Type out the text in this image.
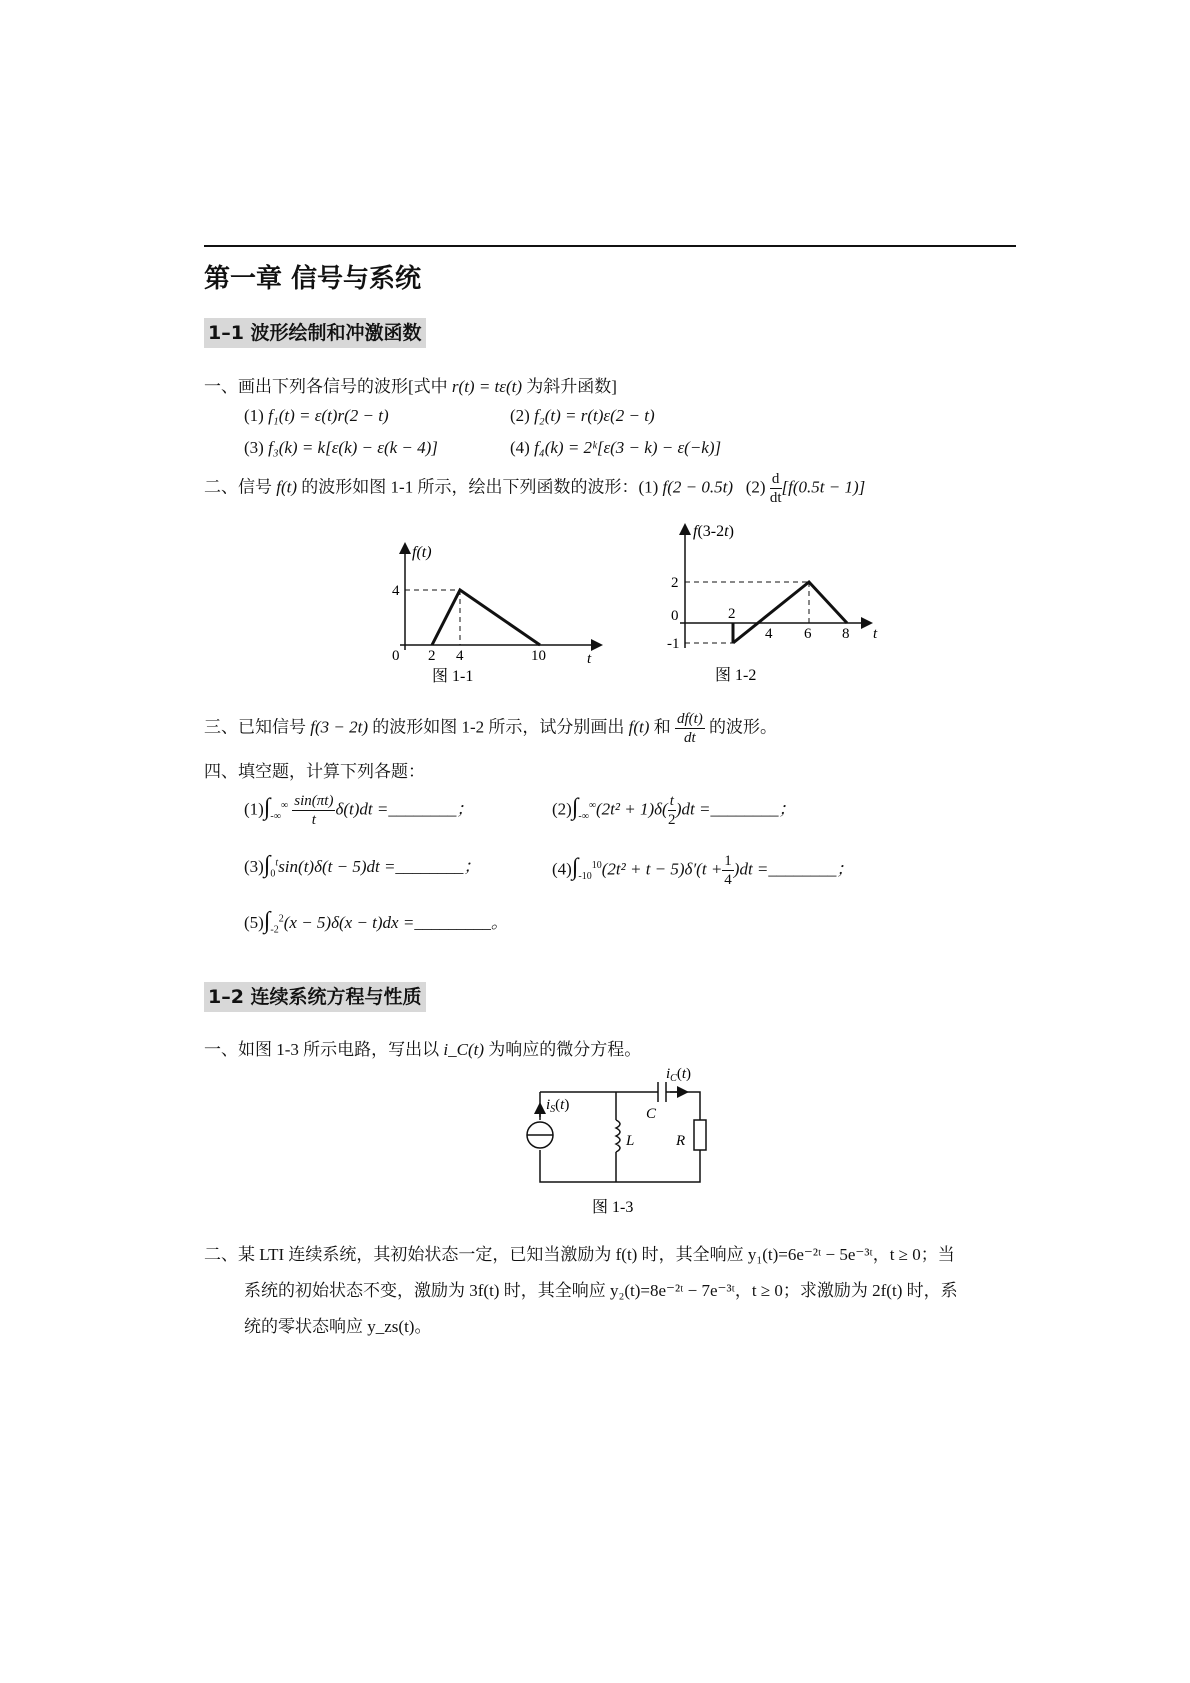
第一章 信号与系统
1–1 波形绘制和冲激函数
一、画出下列各信号的波形[式中 r(t) = tε(t) 为斜升函数]
(1) f₁(t) = ε(t)r(2 − t)	(2) f₂(t) = r(t)ε(2 − t)
(3) f₃(k) = k[ε(k) − ε(k − 4)]	(4) f₄(k) = 2ᵏ[ε(3 − k) − ε(−k)]
二、信号 f(t) 的波形如图 1-1 所示，绘出下列函数的波形：(1) f(2 − 0.5t) $(2) \frac{d}{dt} [f(0.5t - 1)]$
f(t)
4
0 2 4	10	t
图 1-1
f(3-2t)
2
0
-1
2
4 6 8 t
图 1-2
三、已知信号 f(3 − 2t) 的波形如图 1-2 所示，试分别画出 f(t) 和 $\frac{df(t)}{dt}$ 的波形。
四、填空题，计算下列各题：
$(1)\int_{-\infty}^\infty \frac{\sin(\pi t)}{t} \delta(t)dt$ =________；	$(2)\int_{-\infty}^\infty(2t^2 + 1)\delta( \frac{t}{2} )dt$ =________；
$(3)\int_0^t\sin(t)\delta(t - 5)dt$ =________；	$(4)\int_{-10}^{10}(2t^2 + t - 5)\delta'(t + \frac{1}{4} )dt$ =________；
$(5)\int_{-2}^2(x - 5)\delta(x - t)dx$ =_________。
1–2 连续系统方程与性质
一、如图 1-3 所示电路，写出以 i_C(t) 为响应的微分方程。
$i_S(t)$
$i_C(t)$
C
L	R
图 1-3
二、某 LTI 连续系统，其初始状态一定，已知当激励为 f(t) 时，其全响应 y₁(t)=6e⁻²ᵗ − 5e⁻³ᵗ，t ≥ 0；当
系统的初始状态不变，激励为 3f(t) 时，其全响应 y₂(t)=8e⁻²ᵗ − 7e⁻³ᵗ，t ≥ 0；求激励为 2f(t) 时，系
统的零状态响应 y_zs(t)。
